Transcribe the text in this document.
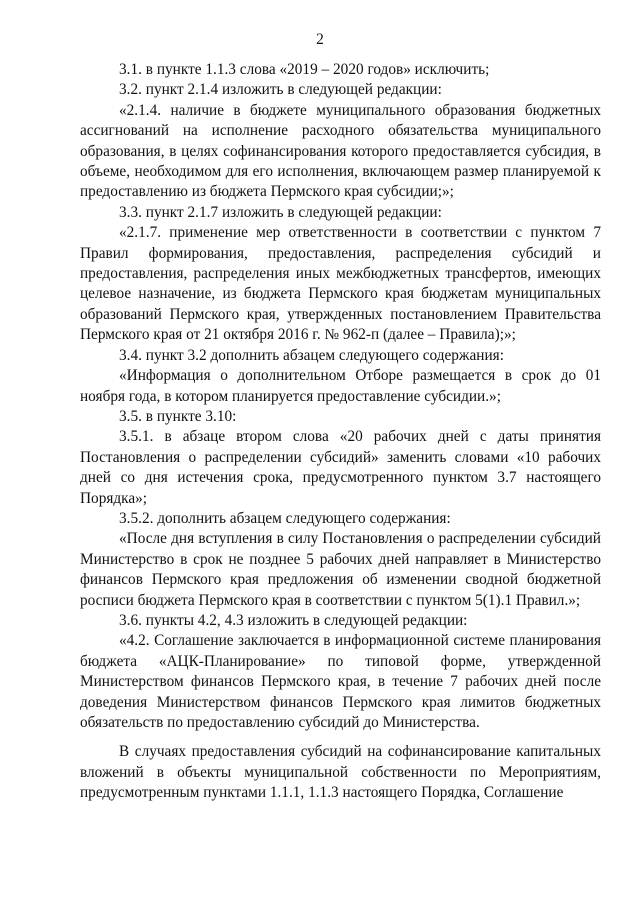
2

3.1. в пункте 1.1.3 слова «2019 – 2020 годов» исключить;

3.2. пункт 2.1.4 изложить в следующей редакции:

«2.1.4. наличие в бюджете муниципального образования бюджетных ассигнований на исполнение расходного обязательства муниципального образования, в целях софинансирования которого предоставляется субсидия, в объеме, необходимом для его исполнения, включающем размер планируемой к предоставлению из бюджета Пермского края субсидии;»;

3.3. пункт 2.1.7 изложить в следующей редакции:

«2.1.7. применение мер ответственности в соответствии с пунктом 7 Правил формирования, предоставления, распределения субсидий и предоставления, распределения иных межбюджетных трансфертов, имеющих целевое назначение, из бюджета Пермского края бюджетам муниципальных образований Пермского края, утвержденных постановлением Правительства Пермского края от 21 октября 2016 г. № 962-п (далее – Правила);»;

3.4. пункт 3.2 дополнить абзацем следующего содержания:

«Информация о дополнительном Отборе размещается в срок до 01 ноября года, в котором планируется предоставление субсидии.»;

3.5. в пункте 3.10:

3.5.1. в абзаце втором слова «20 рабочих дней с даты принятия Постановления о распределении субсидий» заменить словами «10 рабочих дней со дня истечения срока, предусмотренного пунктом 3.7 настоящего Порядка»;

3.5.2. дополнить абзацем следующего содержания:

«После дня вступления в силу Постановления о распределении субсидий Министерство в срок не позднее 5 рабочих дней направляет в Министерство финансов Пермского края предложения об изменении сводной бюджетной росписи бюджета Пермского края в соответствии с пунктом 5(1).1 Правил.»;

3.6. пункты 4.2, 4.3 изложить в следующей редакции:

«4.2. Соглашение заключается в информационной системе планирования бюджета «АЦК-Планирование» по типовой форме, утвержденной Министерством финансов Пермского края, в течение 7 рабочих дней после доведения Министерством финансов Пермского края лимитов бюджетных обязательств по предоставлению субсидий до Министерства.

В случаях предоставления субсидий на софинансирование капитальных вложений в объекты муниципальной собственности по Мероприятиям, предусмотренным пунктами 1.1.1, 1.1.3 настоящего Порядка, Соглашение
